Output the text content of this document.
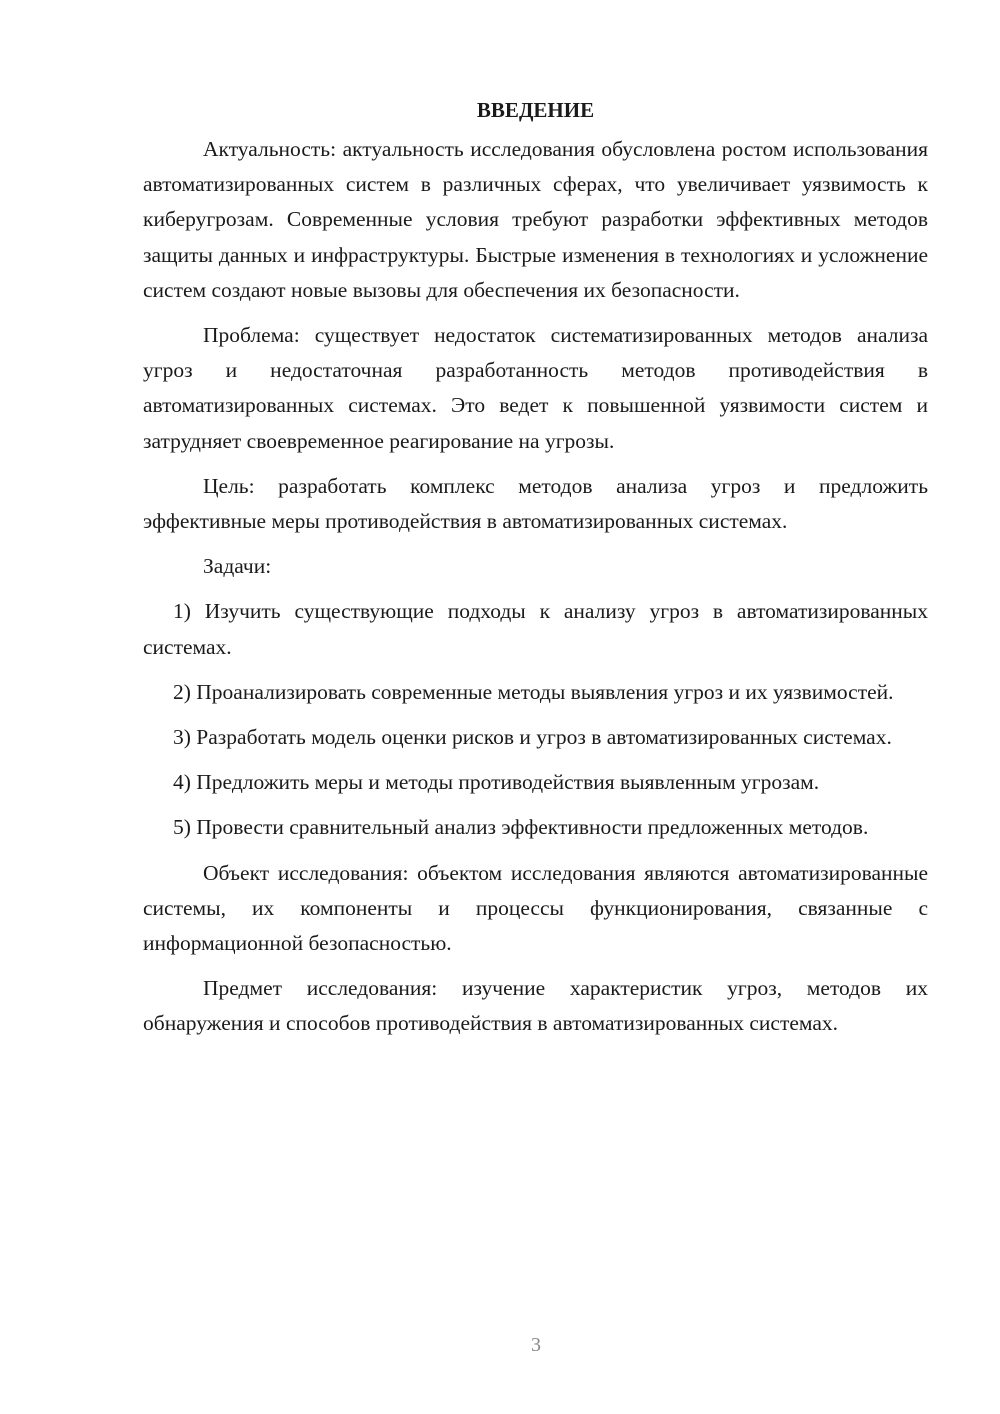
ВВЕДЕНИЕ

Актуальность: актуальность исследования обусловлена ростом использования автоматизированных систем в различных сферах, что увеличивает уязвимость к киберугрозам. Современные условия требуют разработки эффективных методов защиты данных и инфраструктуры. Быстрые изменения в технологиях и усложнение систем создают новые вызовы для обеспечения их безопасности.

Проблема: существует недостаток систематизированных методов анализа угроз и недостаточная разработанность методов противодействия в автоматизированных системах. Это ведет к повышенной уязвимости систем и затрудняет своевременное реагирование на угрозы.

Цель: разработать комплекс методов анализа угроз и предложить эффективные меры противодействия в автоматизированных системах.

Задачи:

1) Изучить существующие подходы к анализу угроз в автоматизированных системах.

2) Проанализировать современные методы выявления угроз и их уязвимостей.

3) Разработать модель оценки рисков и угроз в автоматизированных системах.

4) Предложить меры и методы противодействия выявленным угрозам.

5) Провести сравнительный анализ эффективности предложенных методов.

Объект исследования: объектом исследования являются автоматизированные системы, их компоненты и процессы функционирования, связанные с информационной безопасностью.

Предмет исследования: изучение характеристик угроз, методов их обнаружения и способов противодействия в автоматизированных системах.

3
